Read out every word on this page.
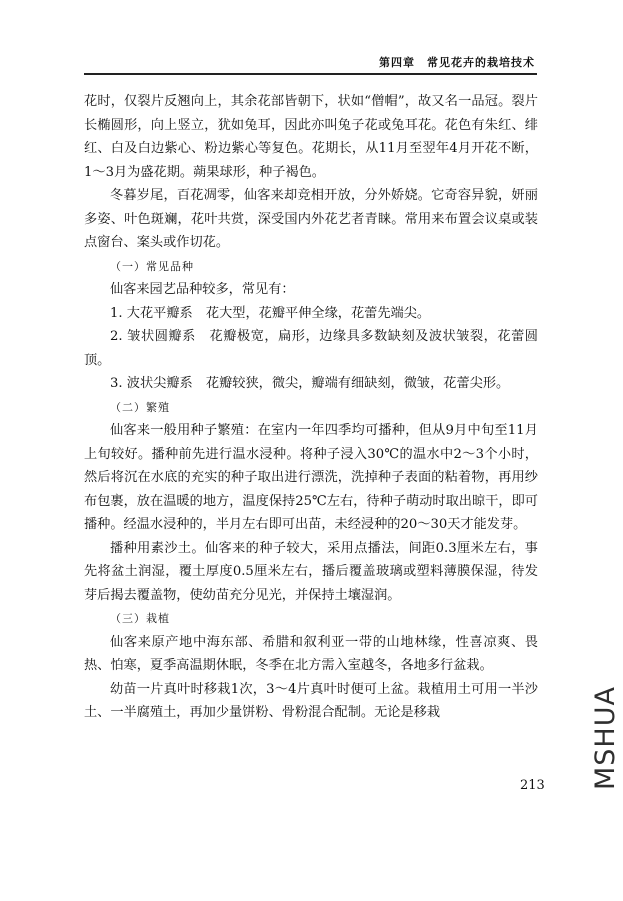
第四章　常见花卉的栽培技术

花时，仅裂片反翘向上，其余花部皆朝下，状如“僧帽”，故又名一品冠。裂片长椭圆形，向上竖立，犹如兔耳，因此亦叫兔子花或兔耳花。花色有朱红、绯红、白及白边紫心、粉边紫心等复色。花期长，从11月至翌年4月开花不断，1～3月为盛花期。蒴果球形，种子褐色。

冬暮岁尾，百花凋零，仙客来却竞相开放，分外娇娆。它奇容异貌，妍丽多姿、叶色斑斓，花叶共赏，深受国内外花艺者青睐。常用来布置会议桌或装点窗台、案头或作切花。

（一）常见品种

仙客来园艺品种较多，常见有：

1. 大花平瓣系　花大型，花瓣平伸全缘，花蕾先端尖。

2. 皱状圆瓣系　花瓣极宽，扁形，边缘具多数缺刻及波状皱裂，花蕾圆顶。

3. 波状尖瓣系　花瓣较狭，微尖，瓣端有细缺刻，微皱，花蕾尖形。

（二）繁殖

仙客来一般用种子繁殖：在室内一年四季均可播种，但从9月中旬至11月上旬较好。播种前先进行温水浸种。将种子浸入30℃的温水中2～3个小时，然后将沉在水底的充实的种子取出进行漂洗，洗掉种子表面的粘着物，再用纱布包裹，放在温暖的地方，温度保持25℃左右，待种子萌动时取出晾干，即可播种。经温水浸种的，半月左右即可出苗，未经浸种的20～30天才能发芽。

播种用素沙土。仙客来的种子较大，采用点播法，间距0.3厘米左右，事先将盆土润湿，覆土厚度0.5厘米左右，播后覆盖玻璃或塑料薄膜保湿，待发芽后揭去覆盖物，使幼苗充分见光，并保持土壤湿润。

（三）栽植

仙客来原产地中海东部、希腊和叙利亚一带的山地林缘，性喜凉爽、畏热、怕寒，夏季高温期休眠，冬季在北方需入室越冬，各地多行盆栽。

幼苗一片真叶时移栽1次，3～4片真叶时便可上盆。栽植用土可用一半沙土、一半腐殖土，再加少量饼粉、骨粉混合配制。无论是移栽

213 MSHUA
